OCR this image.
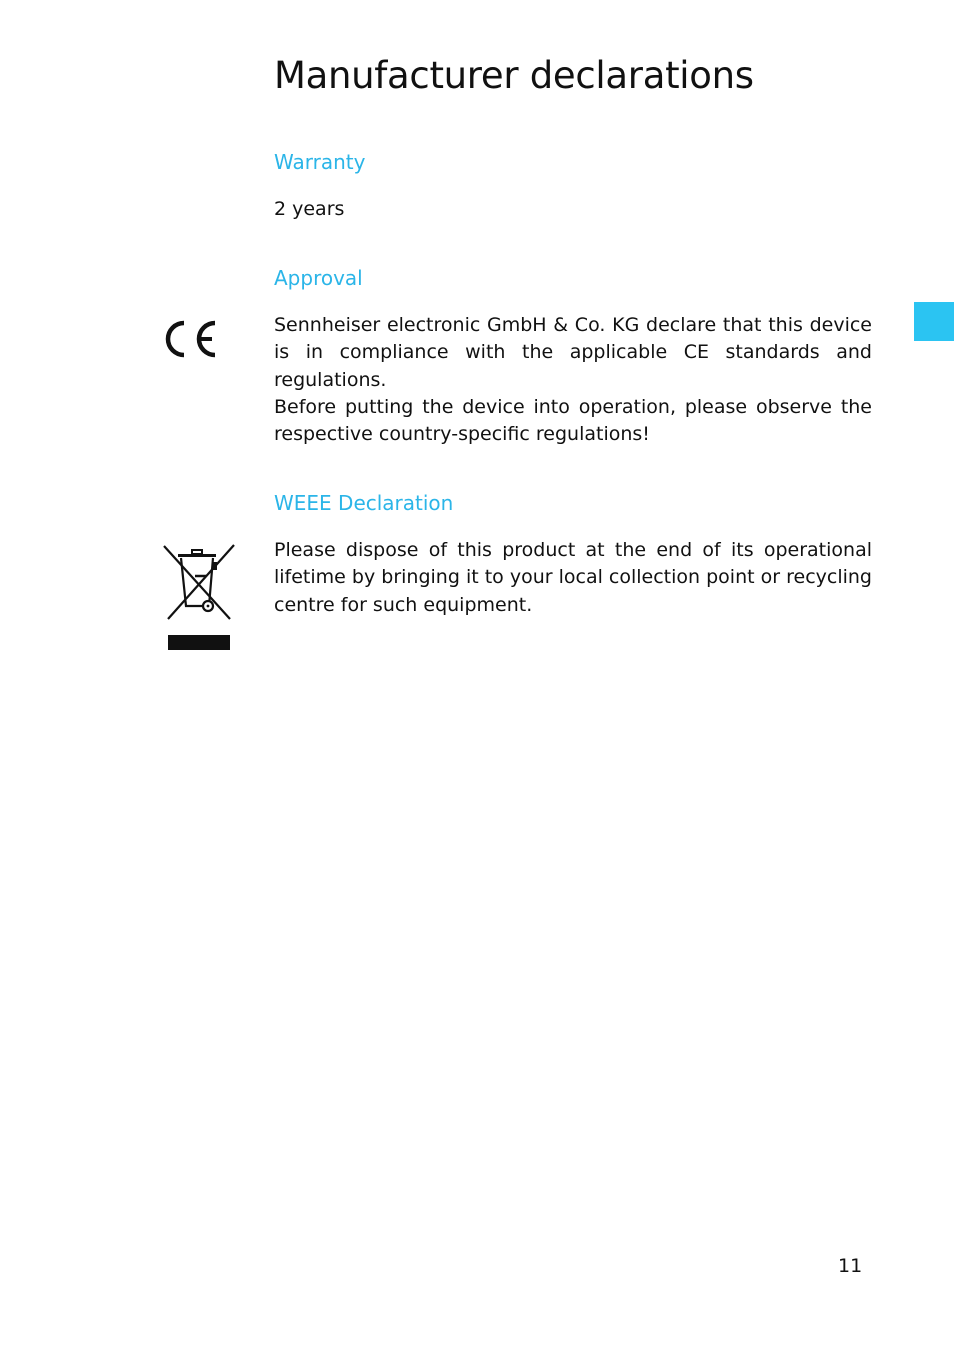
Manufacturer declarations
Warranty

2 years

Approval

Sennheiser electronic GmbH & Co. KG declare that this device is in compliance with the applicable CE standards and regulations.

Before putting the device into operation, please observe the respective country-specific regulations!

WEEE Declaration

Please dispose of this product at the end of its operational lifetime by bringing it to your local collection point or recycling centre for such equipment.

11
